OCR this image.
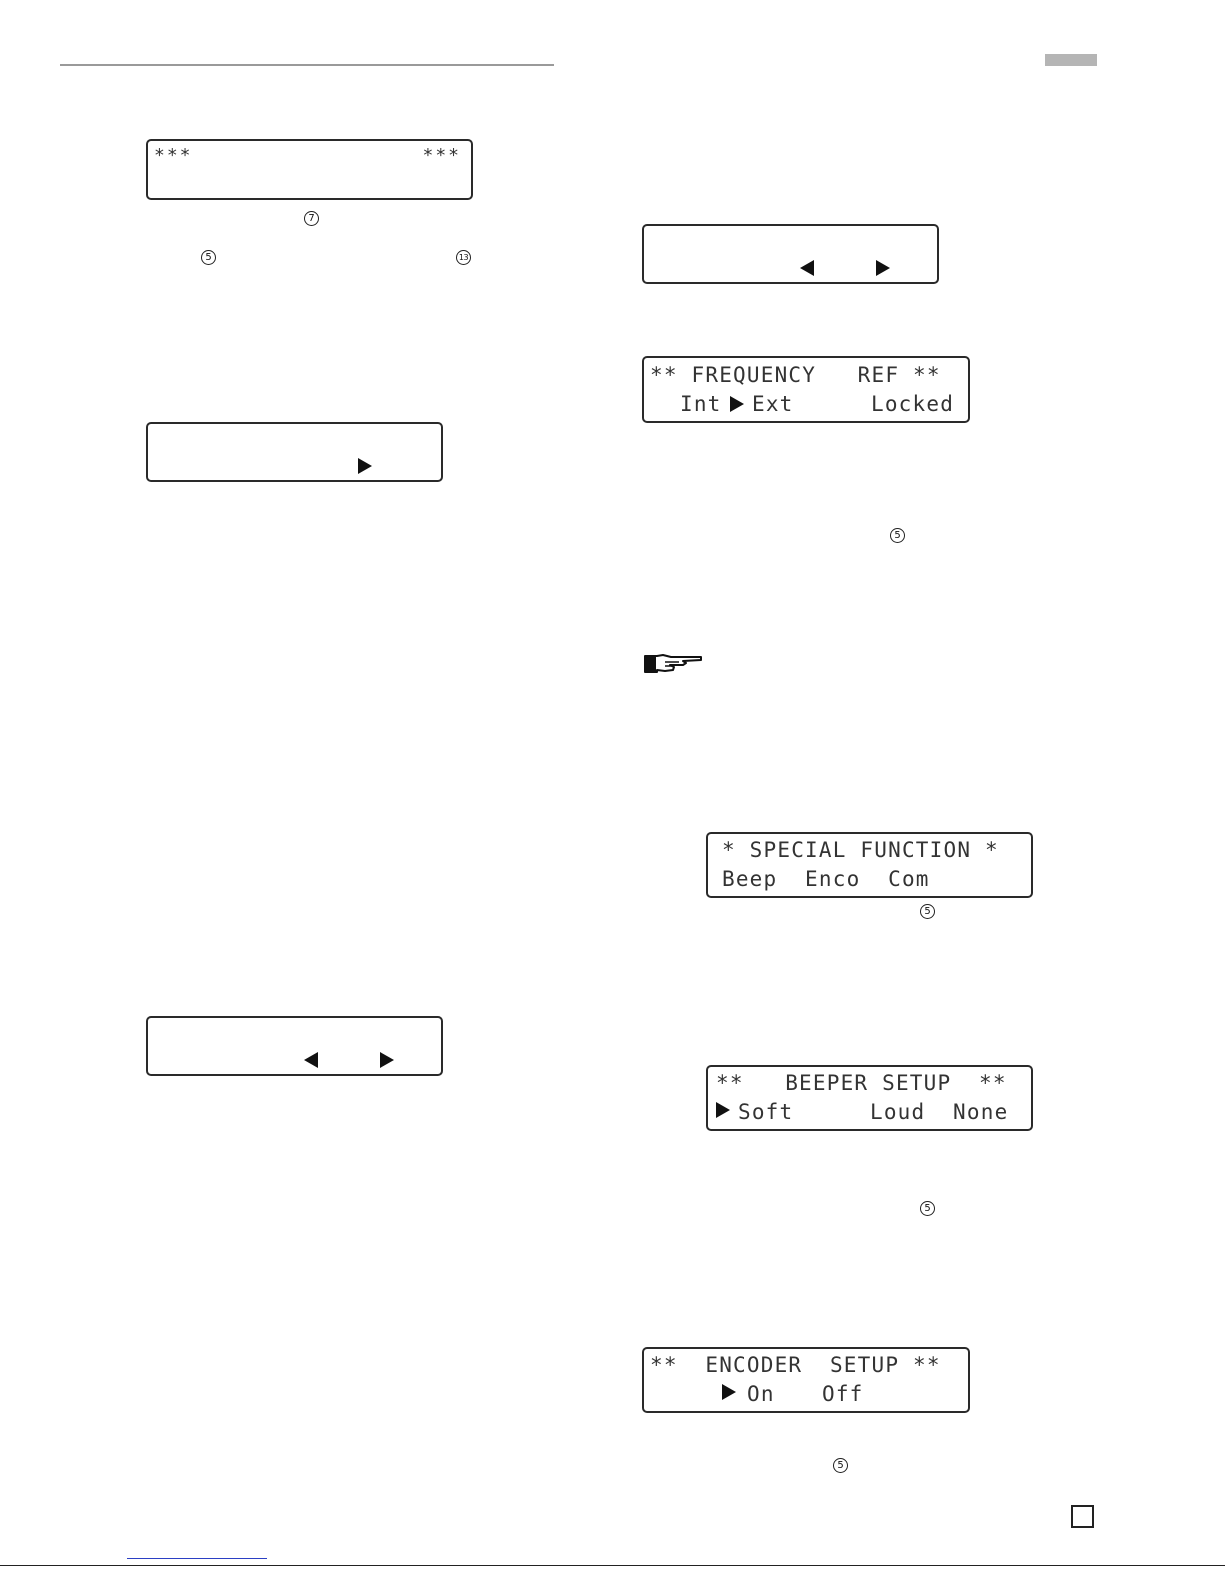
***	***
7
5	13
** FREQUENCY   REF **
Int Ext	Locked
5
* SPECIAL FUNCTION *
Beep  Enco  Com
5
**   BEEPER SETUP  **
Soft	Loud  None
5
**  ENCODER  SETUP **
On Off
5
